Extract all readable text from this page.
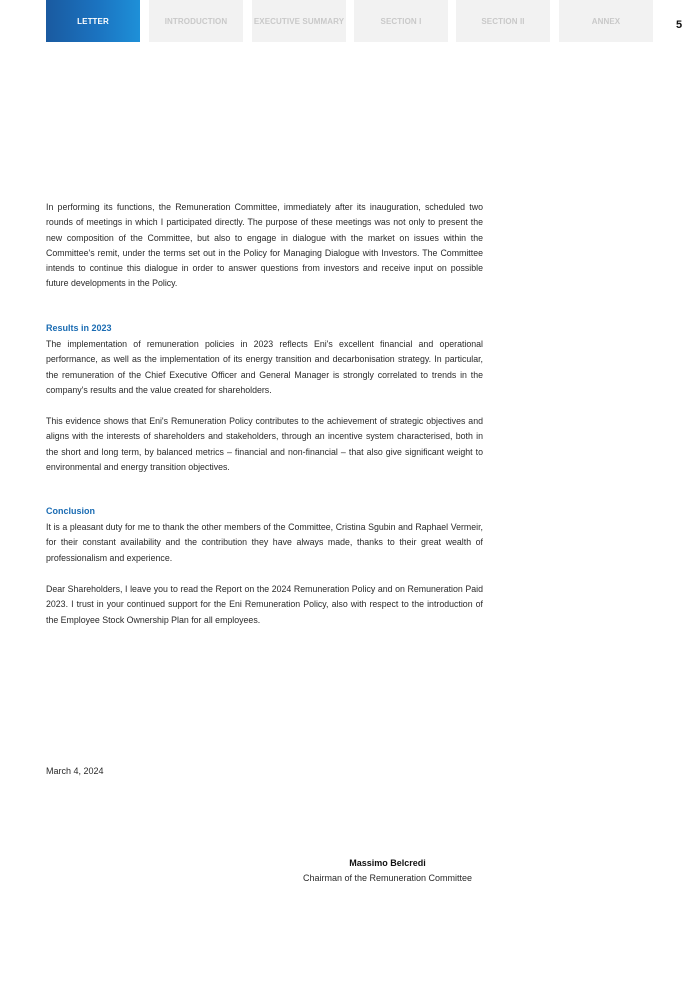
LETTER	INTRODUCTION	EXECUTIVE SUMMARY	SECTION I	SECTION II	ANNEX	5

In performing its functions, the Remuneration Committee, immediately after its inauguration, scheduled two rounds of meetings in which I participated directly. The purpose of these meetings was not only to present the new composition of the Committee, but also to engage in dialogue with the market on issues within the Committee's remit, under the terms set out in the Policy for Managing Dialogue with Investors. The Committee intends to continue this dialogue in order to answer questions from investors and receive input on possible future developments in the Policy.

Results in 2023

The implementation of remuneration policies in 2023 reflects Eni's excellent financial and operational performance, as well as the implementation of its energy transition and decarbonisation strategy. In particular, the remuneration of the Chief Executive Officer and General Manager is strongly correlated to trends in the company's results and the value created for shareholders.

This evidence shows that Eni's Remuneration Policy contributes to the achievement of strategic objectives and aligns with the interests of shareholders and stakeholders, through an incentive system characterised, both in the short and long term, by balanced metrics – financial and non-financial – that also give significant weight to environmental and energy transition objectives.

Conclusion

It is a pleasant duty for me to thank the other members of the Committee, Cristina Sgubin and Raphael Vermeir, for their constant availability and the contribution they have always made, thanks to their great wealth of professionalism and experience.

Dear Shareholders, I leave you to read the Report on the 2024 Remuneration Policy and on Remuneration Paid 2023. I trust in your continued support for the Eni Remuneration Policy, also with respect to the introduction of the Employee Stock Ownership Plan for all employees.

March 4, 2024
Massimo Belcredi
Chairman of the Remuneration Committee
